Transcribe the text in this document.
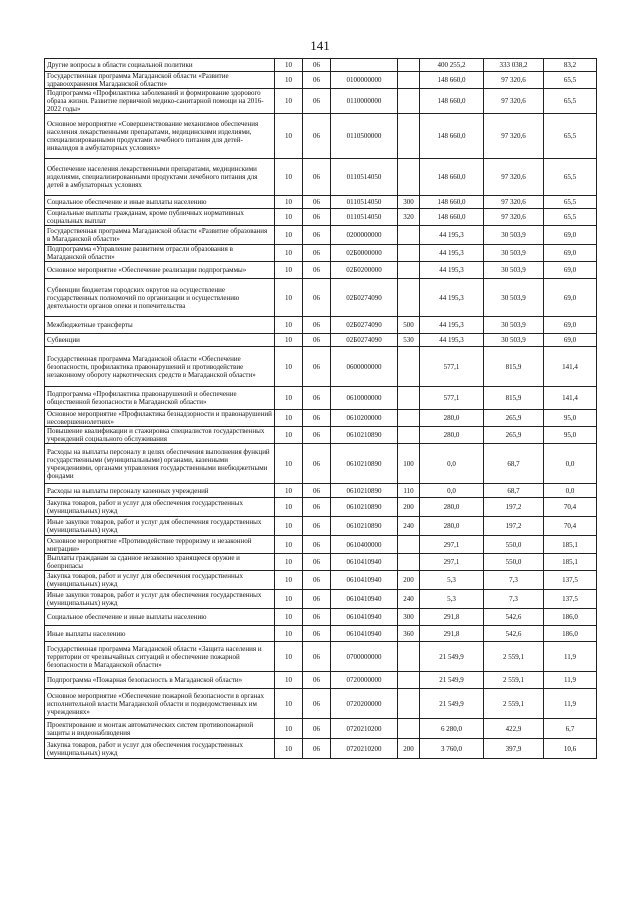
141
Другие вопросы в области социальной политики	10	06			400 255,2	333 038,2	83,2
Государственная программа Магаданской области «Развитие здравоохранения Магаданской области»	10	06	0100000000		148 660,0	97 320,6	65,5
Подпрограмма «Профилактика заболеваний и формирование здорового образа жизни. Развитие первичной медико-санитарной помощи на 2016-2022 годы»	10	06	0110000000		148 660,0	97 320,6	65,5
Основное мероприятие «Совершенствование механизмов обеспечения населения лекарственными препаратами, медицинскими изделиями, специализированными продуктами лечебного питания для детей-инвалидов в амбулаторных условиях»	10	06	0110500000		148 660,0	97 320,6	65,5
Обеспечение населения лекарственными препаратами, медицинскими изделиями, специализированными продуктами лечебного питания для детей в амбулаторных условиях	10	06	0110514050		148 660,0	97 320,6	65,5
Социальное обеспечение и иные выплаты населению	10	06	0110514050	300	148 660,0	97 320,6	65,5
Социальные выплаты гражданам, кроме публичных нормативных социальных выплат	10	06	0110514050	320	148 660,0	97 320,6	65,5
Государственная программа Магаданской области «Развитие образования в Магаданской области»	10	06	0200000000		44 195,3	30 503,9	69,0
Подпрограмма «Управление развитием отрасли образования в Магаданской области»	10	06	02Б0000000		44 195,3	30 503,9	69,0
Основное мероприятие «Обеспечение реализации подпрограммы»	10	06	02Б0200000		44 195,3	30 503,9	69,0
Субвенции бюджетам городских округов на осуществление государственных полномочий по организации и осуществлению деятельности органов опеки и попечительства	10	06	02Б0274090		44 195,3	30 503,9	69,0
Межбюджетные трансферты	10	06	02Б0274090	500	44 195,3	30 503,9	69,0
Субвенции	10	06	02Б0274090	530	44 195,3	30 503,9	69,0
Государственная программа Магаданской области «Обеспечение безопасности, профилактика правонарушений и противодействие незаконному обороту наркотических средств в Магаданской области»	10	06	0600000000		577,1	815,9	141,4
Подпрограмма «Профилактика правонарушений и обеспечение общественной безопасности в Магаданской области»	10	06	0610000000		577,1	815,9	141,4
Основное мероприятие «Профилактика безнадзорности и правонарушений несовершеннолетних»	10	06	0610200000		280,0	265,9	95,0
Повышение квалификации и стажировка специалистов государственных учреждений социального обслуживания	10	06	0610210890		280,0	265,9	95,0
Расходы на выплаты персоналу в целях обеспечения выполнения функций государственными (муниципальными) органами, казенными учреждениями, органами управления государственными внебюджетными фондами	10	06	0610210890	100	0,0	68,7	0,0
Расходы на выплаты персоналу казенных учреждений	10	06	0610210890	110	0,0	68,7	0,0
Закупка товаров, работ и услуг для обеспечения государственных (муниципальных) нужд	10	06	0610210890	200	280,0	197,2	70,4
Иные закупки товаров, работ и услуг для обеспечения государственных (муниципальных) нужд	10	06	0610210890	240	280,0	197,2	70,4
Основное мероприятие «Противодействие терроризму и незаконной миграции»	10	06	0610400000		297,1	550,0	185,1
Выплаты гражданам за сданное незаконно хранящееся оружие и боеприпасы	10	06	0610410940		297,1	550,0	185,1
Закупка товаров, работ и услуг для обеспечения государственных (муниципальных) нужд	10	06	0610410940	200	5,3	7,3	137,5
Иные закупки товаров, работ и услуг для обеспечения государственных (муниципальных) нужд	10	06	0610410940	240	5,3	7,3	137,5
Социальное обеспечение и иные выплаты населению	10	06	0610410940	300	291,8	542,6	186,0
Иные выплаты населению	10	06	0610410940	360	291,8	542,6	186,0
Государственная программа Магаданской области «Защита населения и территории от чрезвычайных ситуаций и обеспечение пожарной безопасности в Магаданской области»	10	06	0700000000		21 549,9	2 559,1	11,9
Подпрограмма «Пожарная безопасность в Магаданской области»	10	06	0720000000		21 549,9	2 559,1	11,9
Основное мероприятие «Обеспечение пожарной безопасности в органах исполнительной власти Магаданской области и подведомственных им учреждениях»	10	06	0720200000		21 549,9	2 559,1	11,9
Проектирование и монтаж автоматических систем противопожарной защиты и видеонаблюдения	10	06	0720210200		6 280,0	422,9	6,7
Закупка товаров, работ и услуг для обеспечения государственных (муниципальных) нужд	10	06	0720210200	200	3 760,0	397,9	10,6
